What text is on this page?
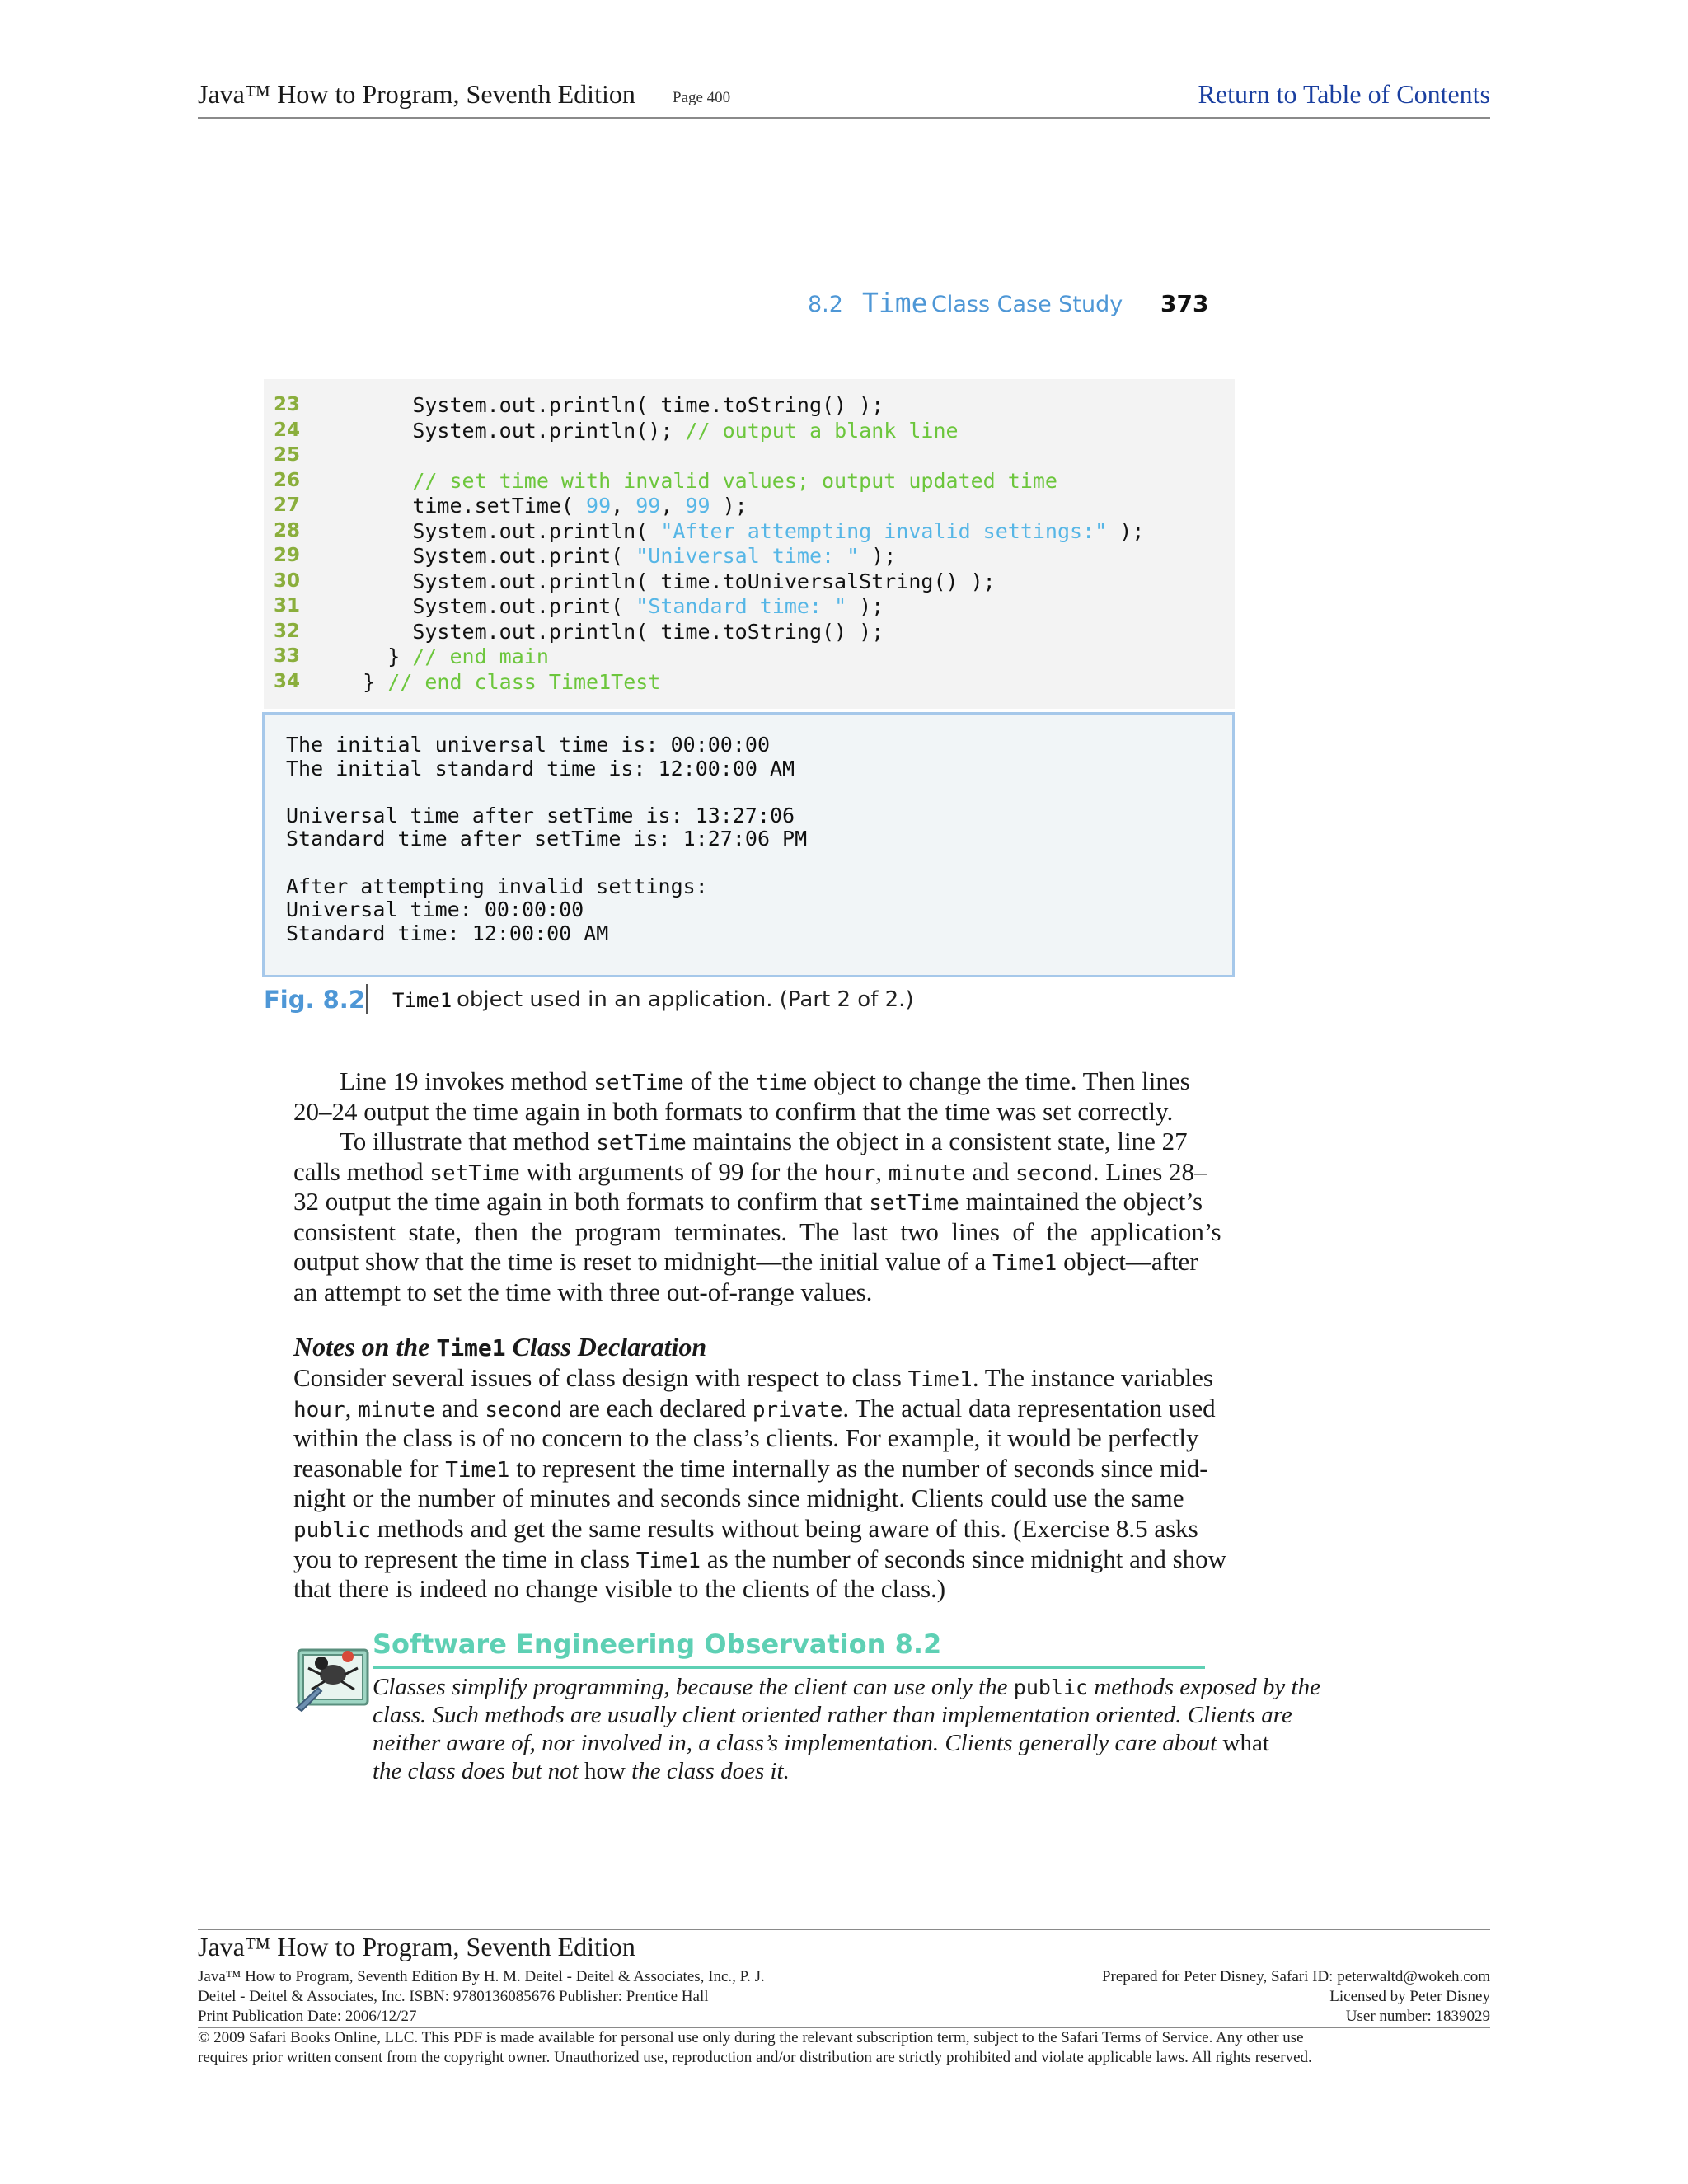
Java™ How to Program, Seventh Edition Page 400	Return to Table of Contents
8.2 Time Class Case Study 373
23	System.out.println( time.toString() );
24	System.out.println(); // output a blank line
25
26	// set time with invalid values; output updated time
27	time.setTime( 99, 99, 99 );
28	System.out.println( "After attempting invalid settings:" );
29	System.out.print( "Universal time: " );
30	System.out.println( time.toUniversalString() );
31	System.out.print( "Standard time: " );
32	System.out.println( time.toString() );
33	} // end main
34	} // end class Time1Test
The initial universal time is: 00:00:00
The initial standard time is: 12:00:00 AM
Universal time after setTime is: 13:27:06
Standard time after setTime is: 1:27:06 PM
After attempting invalid settings:
Universal time: 00:00:00
Standard time: 12:00:00 AM
Fig. 8.2 Time1 object used in an application. (Part 2 of 2.)
Line 19 invokes method setTime of the time object to change the time. Then lines
20–24 output the time again in both formats to confirm that the time was set correctly.
To illustrate that method setTime maintains the object in a consistent state, line 27
calls method setTime with arguments of 99 for the hour, minute and second. Lines 28–
32 output the time again in both formats to confirm that setTime maintained the object’s
consistent  state,  then  the  program  terminates.  The  last  two  lines  of  the  application’s
output show that the time is reset to midnight—the initial value of a Time1 object—after
an attempt to set the time with three out-of-range values.
Notes on the Time1 Class Declaration
Consider several issues of class design with respect to class Time1. The instance variables
hour, minute and second are each declared private. The actual data representation used
within the class is of no concern to the class’s clients. For example, it would be perfectly
reasonable for Time1 to represent the time internally as the number of seconds since mid-
night or the number of minutes and seconds since midnight. Clients could use the same
public methods and get the same results without being aware of this. (Exercise 8.5 asks
you to represent the time in class Time1 as the number of seconds since midnight and show
that there is indeed no change visible to the clients of the class.)
Software Engineering Observation 8.2
Classes simplify programming, because the client can use only the public methods exposed by the
class. Such methods are usually client oriented rather than implementation oriented. Clients are
neither aware of, nor involved in, a class’s implementation. Clients generally care about what
the class does but not how the class does it.
Java™ How to Program, Seventh Edition
Java™ How to Program, Seventh Edition By H. M. Deitel - Deitel & Associates, Inc., P. J.
Deitel - Deitel & Associates, Inc. ISBN: 9780136085676 Publisher: Prentice Hall
Print Publication Date: 2006/12/27
Prepared for Peter Disney, Safari ID: peterwaltd@wokeh.com
Licensed by Peter Disney
User number: 1839029
© 2009 Safari Books Online, LLC. This PDF is made available for personal use only during the relevant subscription term, subject to the Safari Terms of Service. Any other use
requires prior written consent from the copyright owner. Unauthorized use, reproduction and/or distribution are strictly prohibited and violate applicable laws. All rights reserved.
